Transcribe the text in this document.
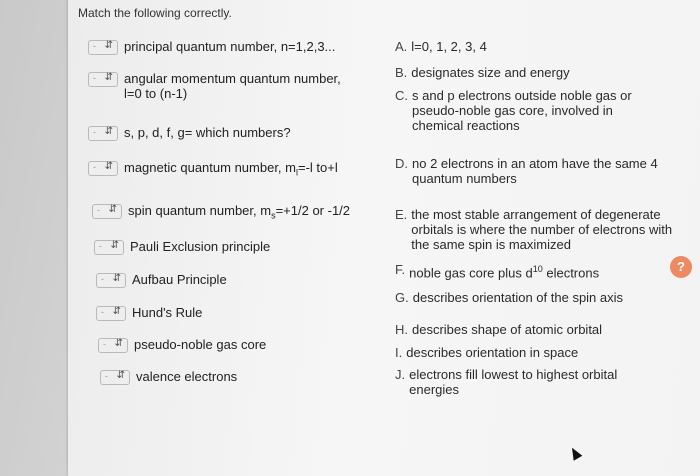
Match the following correctly.
- ⇵ principal quantum number, n=1,2,3...
- ⇵ angular momentum quantum number,
l=0 to (n-1)
- ⇵ s, p, d, f, g= which numbers?
- ⇵ magnetic quantum number, $m_l=-l$ to+l
- ⇵ spin quantum number, $m_s=+1/2$ or -1/2
- ⇵ Pauli Exclusion principle
- ⇵ Aufbau Principle
- ⇵ Hund's Rule
- ⇵ pseudo-noble gas core
- ⇵ valence electrons
A. l=0, 1, 2, 3, 4
B. designates size and energy
C. s and p electrons outside noble gas or pseudo-noble gas core, involved in chemical reactions
D. no 2 electrons in an atom have the same 4 quantum numbers
E. the most stable arrangement of degenerate orbitals is where the number of electrons with the same spin is maximized
F. noble gas core plus $d^{10}$ electrons
G. describes orientation of the spin axis
H. describes shape of atomic orbital
I. describes orientation in space
J. electrons fill lowest to highest orbital energies
?
